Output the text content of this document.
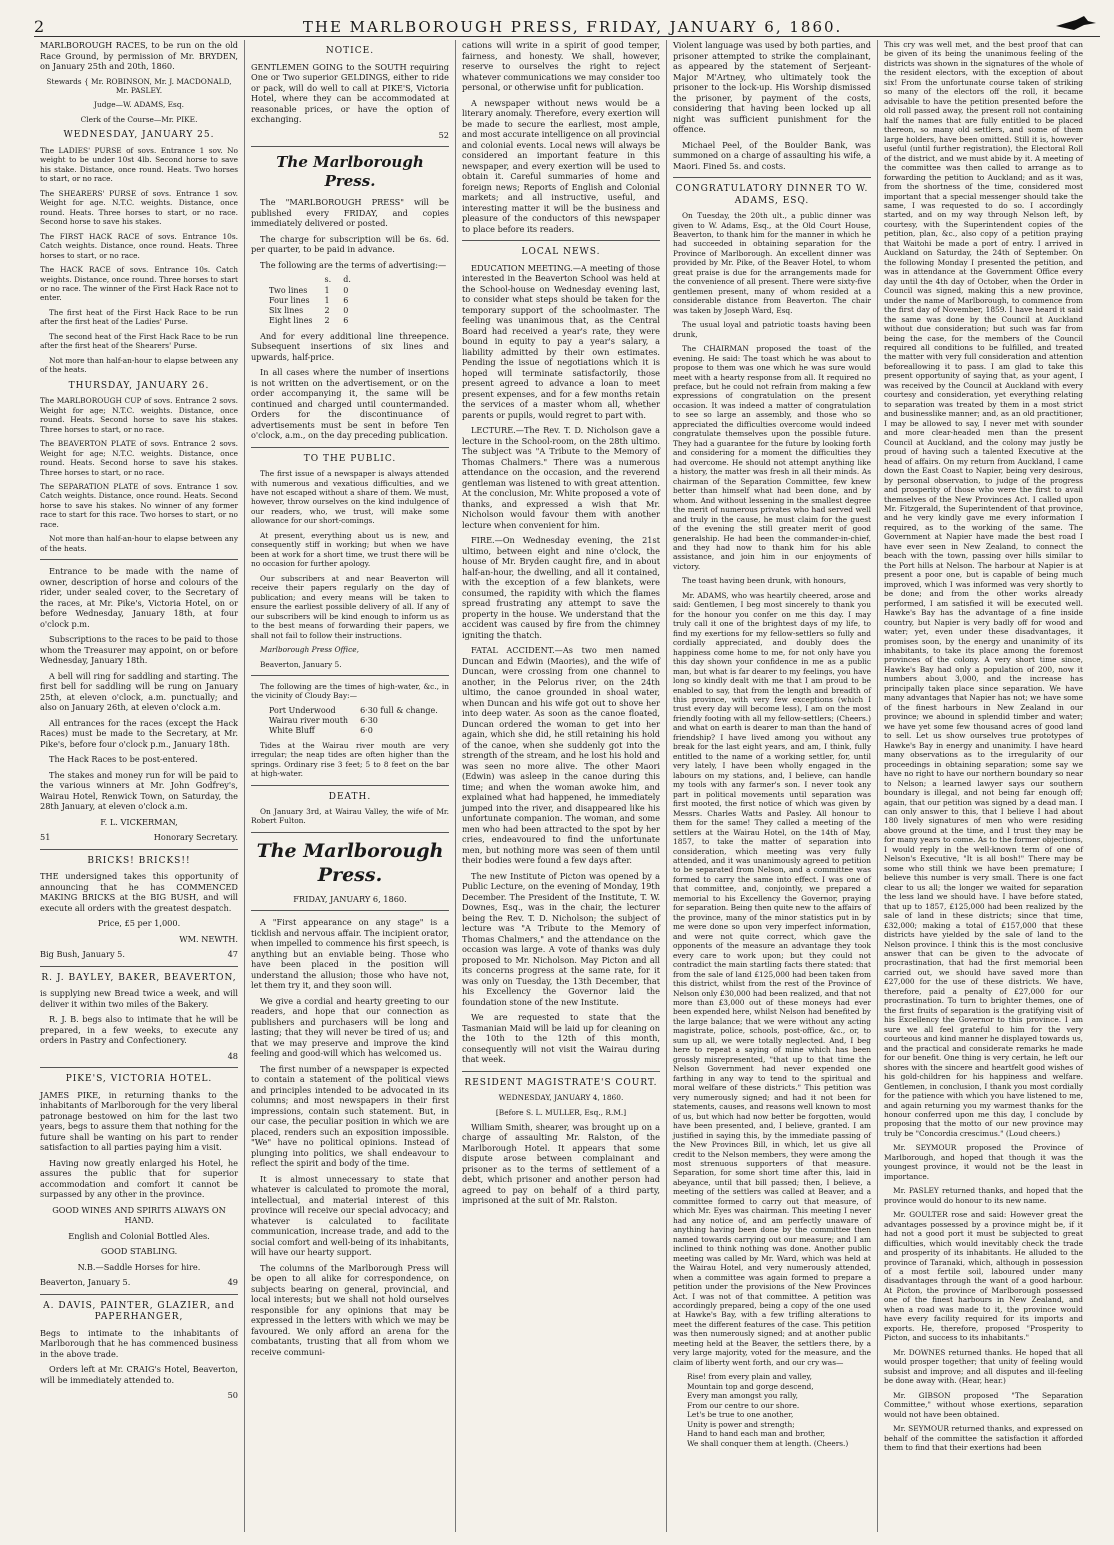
2	THE MARLBOROUGH PRESS, FRIDAY, JANUARY 6, 1860.

MARLBOROUGH RACES, to be run on the old Race Ground, by permission of Mr. BRYDEN, on January 25th and 20th, 1860.

Stewards { Mr. ROBINSON, Mr. J. MACDONALD, Mr. PASLEY.

Judge—W. ADAMS, Esq.

Clerk of the Course—Mr. PIKE.

WEDNESDAY, JANUARY 25.

The LADIES' PURSE of sovs. Entrance 1 sov. No weight to be under 10st 4lb. Second horse to save his stake. Distance, once round. Heats. Two horses to start, or no race.

The SHEARERS' PURSE of sovs. Entrance 1 sov. Weight for age. N.T.C. weights. Distance, once round. Heats. Three horses to start, or no race. Second horse to save his stakes.

The FIRST HACK RACE of sovs. Entrance 10s. Catch weights. Distance, once round. Heats. Three horses to start, or no race.

The HACK RACE of sovs. Entrance 10s. Catch weights. Distance, once round. Three horses to start or no race. The winner of the First Hack Race not to enter.

The first heat of the First Hack Race to be run after the first heat of the Ladies' Purse.

The second heat of the First Hack Race to be run after the first heat of the Shearers' Purse.

Not more than half-an-hour to elapse between any of the heats.

THURSDAY, JANUARY 26.

The MARLBOROUGH CUP of sovs. Entrance 2 sovs. Weight for age; N.T.C. weights. Distance, once round. Heats. Second horse to save his stakes. Three horses to start, or no race.

The BEAVERTON PLATE of sovs. Entrance 2 sovs. Weight for age; N.T.C. weights. Distance, once round. Heats. Second horse to save his stakes. Three horses to start, or no race.

The SEPARATION PLATE of sovs. Entrance 1 sov. Catch weights. Distance, once round. Heats. Second horse to save his stakes. No winner of any former race to start for this race. Two horses to start, or no race.

Not more than half-an-hour to elapse between any of the heats.

Entrance to be made with the name of owner, description of horse and colours of the rider, under sealed cover, to the Secretary of the races, at Mr. Pike's, Victoria Hotel, on or before Wednesday, January 18th, at four o'clock p.m.

Subscriptions to the races to be paid to those whom the Treasurer may appoint, on or before Wednesday, January 18th.

A bell will ring for saddling and starting. The first bell for saddling will be rung on January 25th, at eleven o'clock, a.m. punctually; and also on January 26th, at eleven o'clock a.m.

All entrances for the races (except the Hack Races) must be made to the Secretary, at Mr. Pike's, before four o'clock p.m., January 18th.

The Hack Races to be post-entered.

The stakes and money run for will be paid to the various winners at Mr. John Godfrey's, Wairau Hotel, Renwick Town, on Saturday, the 28th January, at eleven o'clock a.m.

F. L. VICKERMAN,

51	Honorary Secretary.
BRICKS! BRICKS!!

THE undersigned takes this opportunity of announcing that he has COMMENCED MAKING BRICKS at the BIG BUSH, and will execute all orders with the greatest despatch.

Price, £5 per 1,000.

WM. NEWTH.

Big Bush, January 5.	47
R. J. BAYLEY, BAKER, BEAVERTON,

is supplying new Bread twice a week, and will deliver it within two miles of the Bakery.

R. J. B. begs also to intimate that he will be prepared, in a few weeks, to execute any orders in Pastry and Confectionery.

48

PIKE'S, VICTORIA HOTEL.

JAMES PIKE, in returning thanks to the inhabitants of Marlborough for the very liberal patronage bestowed on him for the last two years, begs to assure them that nothing for the future shall be wanting on his part to render satisfaction to all parties paying him a visit.

Having now greatly enlarged his Hotel, he assures the public that for superior accommodation and comfort it cannot be surpassed by any other in the province.

GOOD WINES AND SPIRITS ALWAYS ON HAND.

English and Colonial Bottled Ales.

GOOD STABLING.

N.B.—Saddle Horses for hire.

Beaverton, January 5.	49
A. DAVIS, PAINTER, GLAZIER, and PAPERHANGER,

Begs to intimate to the inhabitants of Marlborough that he has commenced business in the above trade.

Orders left at Mr. CRAIG's Hotel, Beaverton, will be immediately attended to.

50

NOTICE.

GENTLEMEN GOING to the SOUTH requiring One or Two superior GELDINGS, either to ride or pack, will do well to call at PIKE'S, Victoria Hotel, where they can be accommodated at reasonable prices, or have the option of exchanging.

52

The Marlborough Press.

The "MARLBOROUGH PRESS" will be published every FRIDAY, and copies immediately delivered or posted.

The charge for subscription will be 6s. 6d. per quarter, to be paid in advance.

The following are the terms of advertising:—

	s.	d.
Two lines	1	0
Four lines	1	6
Six lines	2	0
Eight lines	2	6

And for every additional line threepence. Subsequent insertions of six lines and upwards, half-price.

In all cases where the number of insertions is not written on the advertisement, or on the order accompanying it, the same will be continued and charged until countermanded. Orders for the discontinuance of advertisements must be sent in before Ten o'clock, a.m., on the day preceding publication.

TO THE PUBLIC.

The first issue of a newspaper is always attended with numerous and vexatious difficulties, and we have not escaped without a share of them. We must, however, throw ourselves on the kind indulgence of our readers, who, we trust, will make some allowance for our short-comings.

At present, everything about us is new, and consequently stiff in working; but when we have been at work for a short time, we trust there will be no occasion for further apology.

Our subscribers at and near Beaverton will receive their papers regularly on the day of publication; and every means will be taken to ensure the earliest possible delivery of all. If any of our subscribers will be kind enough to inform us as to the best means of forwarding their papers, we shall not fail to follow their instructions.

Marlborough Press Office,

Beaverton, January 5.

The following are the times of high-water, &c., in the vicinity of Cloudy Bay:—

Port Underwood	6·30 full & change.
Wairau river mouth	6·30
White Bluff	6·0

Tides at the Wairau river mouth are very irregular; the neap tides are often higher than the springs. Ordinary rise 3 feet; 5 to 8 feet on the bar at high-water.

DEATH.

On January 3rd, at Wairau Valley, the wife of Mr. Robert Fulton.

The Marlborough Press.

FRIDAY, JANUARY 6, 1860.

A "First appearance on any stage" is a ticklish and nervous affair. The incipient orator, when impelled to commence his first speech, is anything but an enviable being. Those who have been placed in the position will understand the allusion; those who have not, let them try it, and they soon will.

We give a cordial and hearty greeting to our readers, and hope that our connection as publishers and purchasers will be long and lasting; that they will never be tired of us; and that we may preserve and improve the kind feeling and good-will which has welcomed us.

The first number of a newspaper is expected to contain a statement of the political views and principles intended to be advocated in its columns; and most newspapers in their first impressions, contain such statement. But, in our case, the peculiar position in which we are placed, renders such an exposition impossible. "We" have no political opinions. Instead of plunging into politics, we shall endeavour to reflect the spirit and body of the time.

It is almost unnecessary to state that whatever is calculated to promote the moral, intellectual, and material interest of this province will receive our special advocacy; and whatever is calculated to facilitate communication, increase trade, and add to the social comfort and well-being of its inhabitants, will have our hearty support.

The columns of the Marlborough Press will be open to all alike for correspondence, on subjects bearing on general, provincial, and local interests; but we shall not hold ourselves responsible for any opinions that may be expressed in the letters with which we may be favoured. We only afford an arena for the combatants, trusting that all from whom we receive communi-

cations will write in a spirit of good temper, fairness, and honesty. We shall, however, reserve to ourselves the right to reject whatever communications we may consider too personal, or otherwise unfit for publication.

A newspaper without news would be a literary anomaly. Therefore, every exertion will be made to secure the earliest, most ample, and most accurate intelligence on all provincial and colonial events. Local news will always be considered an important feature in this newspaper, and every exertion will be used to obtain it. Careful summaries of home and foreign news; Reports of English and Colonial markets; and all instructive, useful, and interesting matter it will be the business and pleasure of the conductors of this newspaper to place before its readers.

LOCAL NEWS.

EDUCATION MEETING.—A meeting of those interested in the Beaverton School was held at the School-house on Wednesday evening last, to consider what steps should be taken for the temporary support of the schoolmaster. The feeling was unanimous that, as the Central Board had received a year's rate, they were bound in equity to pay a year's salary, a liability admitted by their own estimates. Pending the issue of negotiations which it is hoped will terminate satisfactorily, those present agreed to advance a loan to meet present expenses, and for a few months retain the services of a master whom all, whether parents or pupils, would regret to part with.

LECTURE.—The Rev. T. D. Nicholson gave a lecture in the School-room, on the 28th ultimo. The subject was "A Tribute to the Memory of Thomas Chalmers." There was a numerous attendance on the occasion, and the reverend gentleman was listened to with great attention. At the conclusion, Mr. White proposed a vote of thanks, and expressed a wish that Mr. Nicholson would favour them with another lecture when convenient for him.

FIRE.—On Wednesday evening, the 21st ultimo, between eight and nine o'clock, the house of Mr. Bryden caught fire, and in about half-an-hour, the dwelling, and all it contained, with the exception of a few blankets, were consumed, the rapidity with which the flames spread frustrating any attempt to save the property in the house. We understand that the accident was caused by fire from the chimney igniting the thatch.

FATAL ACCIDENT.—As two men named Duncan and Edwin (Maories), and the wife of Duncan, were crossing from one channel to another, in the Pelorus river, on the 24th ultimo, the canoe grounded in shoal water, when Duncan and his wife got out to shove her into deep water. As soon as the canoe floated, Duncan ordered the woman to get into her again, which she did, he still retaining his hold of the canoe, when she suddenly got into the strength of the stream, and he lost his hold and was seen no more alive. The other Maori (Edwin) was asleep in the canoe during this time; and when the woman awoke him, and explained what had happened, he immediately jumped into the river, and disappeared like his unfortunate companion. The woman, and some men who had been attracted to the spot by her cries, endeavoured to find the unfortunate men, but nothing more was seen of them until their bodies were found a few days after.

The new Institute of Picton was opened by a Public Lecture, on the evening of Monday, 19th December. The President of the Institute, T. W. Downes, Esq., was in the chair, the lecturer being the Rev. T. D. Nicholson; the subject of lecture was "A Tribute to the Memory of Thomas Chalmers," and the attendance on the occasion was large. A vote of thanks was duly proposed to Mr. Nicholson. May Picton and all its concerns progress at the same rate, for it was only on Tuesday, the 13th December, that his Excellency the Governor laid the foundation stone of the new Institute.

We are requested to state that the Tasmanian Maid will be laid up for cleaning on the 10th to the 12th of this month, consequently will not visit the Wairau during that week.

RESIDENT MAGISTRATE'S COURT.

WEDNESDAY, JANUARY 4, 1860.

[Before S. L. MULLER, Esq., R.M.]

William Smith, shearer, was brought up on a charge of assaulting Mr. Ralston, of the Marlborough Hotel. It appears that some dispute arose between complainant and prisoner as to the terms of settlement of a debt, which prisoner and another person had agreed to pay on behalf of a third party, imprisoned at the suit of Mr. Ralston.

Violent language was used by both parties, and prisoner attempted to strike the complainant, as appeared by the statement of Serjeant-Major M'Artney, who ultimately took the prisoner to the lock-up. His Worship dismissed the prisoner, by payment of the costs, considering that having been locked up all night was sufficient punishment for the offence.

Michael Peel, of the Boulder Bank, was summoned on a charge of assaulting his wife, a Maori. Fined 5s. and costs.

CONGRATULATORY DINNER TO W. ADAMS, ESQ.

On Tuesday, the 20th ult., a public dinner was given to W. Adams, Esq., at the Old Court House, Beaverton, to thank him for the manner in which he had succeeded in obtaining separation for the Province of Marlborough. An excellent dinner was provided by Mr. Pike, of the Beaver Hotel, to whom great praise is due for the arrangements made for the convenience of all present. There were sixty-five gentlemen present, many of whom resided at a considerable distance from Beaverton. The chair was taken by Joseph Ward, Esq.

The usual loyal and patriotic toasts having been drunk,

The CHAIRMAN proposed the toast of the evening. He said: The toast which he was about to propose to them was one which he was sure would meet with a hearty response from all. It required no preface, but he could not refrain from making a few expressions of congratulation on the present occasion. It was indeed a matter of congratulation to see so large an assembly, and those who so appreciated the difficulties overcome would indeed congratulate themselves upon the possible future. They had a guarantee for the future by looking forth and considering for a moment the difficulties they had overcome. He should not attempt anything like a history, the matter was fresh in all their minds. As chairman of the Separation Committee, few knew better than himself what had been done, and by whom. And without lessening in the smallest degree the merit of numerous privates who had served well and truly in the cause, he must claim for the guest of the evening the still greater merit of good generalship. He had been the commander-in-chief, and they had now to thank him for his able assistance, and join him in our enjoyments of victory.

The toast having been drunk, with honours,

Mr. ADAMS, who was heartily cheered, arose and said: Gentlemen, I beg most sincerely to thank you for the honour you confer on me this day. I may truly call it one of the brightest days of my life, to find my exertions for my fellow-settlers so fully and cordially appreciated, and doubly does the happiness come home to me, for not only have you this day shown your confidence in me as a public man, but what is far dearer to my feelings, you have long so kindly dealt with me that I am proud to be enabled to say, that from the length and breadth of this province, with very few exceptions (which I trust every day will become less), I am on the most friendly footing with all my fellow-settlers; (Cheers.) and what on earth is dearer to man than the hand of friendship? I have lived among you without any break for the last eight years, and am, I think, fully entitled to the name of a working settler, for, until very lately, I have been wholly engaged in the labours on my stations, and, I believe, can handle my tools with any farmer's son. I never took any part in political movements until separation was first mooted, the first notice of which was given by Messrs. Charles Watts and Pasley. All honour to them for the same! They called a meeting of the settlers at the Wairau Hotel, on the 14th of May, 1857, to take the matter of separation into consideration, which meeting was very fully attended, and it was unanimously agreed to petition to be separated from Nelson, and a committee was formed to carry the same into effect. I was one of that committee, and, conjointly, we prepared a memorial to his Excellency the Governor, praying for separation. Being then quite new to the affairs of the province, many of the minor statistics put in by me were done so upon very imperfect information, and were not quite correct, which gave the opponents of the measure an advantage they took every care to work upon; but they could not contradict the main startling facts there stated: that from the sale of land £125,000 had been taken from this district, whilst from the rest of the Province of Nelson only £30,000 had been realized, and that not more than £3,000 out of these moneys had ever been expended here, whilst Nelson had benefited by the large balance; that we were without any acting magistrate, police, schools, post-office, &c., or, to sum up all, we were totally neglected. And, I beg here to repeat a saying of mine which has been grossly misrepresented, "that up to that time the Nelson Government had never expended one farthing in any way to tend to the spiritual and moral welfare of these districts." This petition was very numerously signed; and had it not been for statements, causes, and reasons well known to most of us, but which had now better be forgotten, would have been presented, and, I believe, granted. I am justified in saying this, by the immediate passing of the New Provinces Bill, in which, let us give all credit to the Nelson members, they were among the most strenuous supporters of that measure. Separation, for some short time after this, laid in abeyance, until that bill passed; then, I believe, a meeting of the settlers was called at Beaver, and a committee formed to carry out that measure, of which Mr. Eyes was chairman. This meeting I never had any notice of, and am perfectly unaware of anything having been done by the committee then named towards carrying out our measure; and I am inclined to think nothing was done. Another public meeting was called by Mr. Ward, which was held at the Wairau Hotel, and very numerously attended, when a committee was again formed to prepare a petition under the provisions of the New Provinces Act. I was not of that committee. A petition was accordingly prepared, being a copy of the one used at Hawke's Bay, with a few trifling alterations to meet the different features of the case. This petition was then numerously signed; and at another public meeting held at the Beaver, the settlers there, by a very large majority, voted for the measure, and the claim of liberty went forth, and our cry was—

Rise! from every plain and valley,
Mountain top and gorge descend,
Every man amongst you rally,
From our centre to our shore.
Let's be true to one another,
Unity is power and strength;
Hand to hand each man and brother,
We shall conquer them at length. (Cheers.)

This cry was well met, and the best proof that can be given of its being the unanimous feeling of the districts was shown in the signatures of the whole of the resident electors, with the exception of about six! From the unfortunate course taken of striking so many of the electors off the roll, it became advisable to have the petition presented before the old roll passed away, the present roll not containing half the names that are fully entitled to be placed thereon, so many old settlers, and some of them large holders, have been omitted. Still it is, however useful (until further registration), the Electoral Roll of the district, and we must abide by it. A meeting of the committee was then called to arrange as to forwarding the petition to Auckland; and as it was, from the shortness of the time, considered most important that a special messenger should take the same, I was requested to do so. I accordingly started, and on my way through Nelson left, by courtesy, with the Superintendent copies of the petition, plan, &c., also copy of a petition praying that Waitohi be made a port of entry. I arrived in Auckland on Saturday, the 24th of September. On the following Monday I presented the petition, and was in attendance at the Government Office every day until the 4th day of October, when the Order in Council was signed, making this a new province, under the name of Marlborough, to commence from the first day of November, 1859. I have heard it said the same was done by the Council at Auckland without due consideration; but such was far from being the case, for the members of the Council required all conditions to be fulfilled, and treated the matter with very full consideration and attention beforeallowing it to pass. I am glad to take this present opportunity of saying that, as your agent, I was received by the Council at Auckland with every courtesy and consideration, yet everything relating to separation was treated by them in a most strict and businesslike manner; and, as an old practitioner, I may be allowed to say, I never met with sounder and more clear-headed men than the present Council at Auckland, and the colony may justly be proud of having such a talented Executive at the head of affairs. On my return from Auckland, I came down the East Coast to Napier, being very desirous, by personal observation, to judge of the progress and prosperity of those who were the first to avail themselves of the New Provinces Act. I called upon Mr. Fitzgerald, the Superintendent of that province, and he very kindly gave me every information I required, as to the working of the same. The Government at Napier have made the best road I have ever seen in New Zealand, to connect the beach with the town, passing over hills similar to the Port hills at Nelson. The harbour at Napier is at present a poor one, but is capable of being much improved, which I was informed was very shortly to be done; and from the other works already performed, I am satisfied it will be executed well. Hawke's Bay has the advantage of a fine inside country, but Napier is very badly off for wood and water; yet, even under these disadvantages, it promises soon, by the energy and unanimity of its inhabitants, to take its place among the foremost provinces of the colony. A very short time since, Hawke's Bay had only a population of 200, now it numbers about 3,000, and the increase has principally taken place since separation. We have many advantages that Napier has not; we have some of the finest harbours in New Zealand in our province; we abound in splendid timber and water; we have yet some few thousand acres of good land to sell. Let us show ourselves true prototypes of Hawke's Bay in energy and unanimity. I have heard many observations as to the irregularity of our proceedings in obtaining separation; some say we have no right to have our northern boundary so near to Nelson; a learned lawyer says our southern boundary is illegal, and not being far enough off; again, that our petition was signed by a dead man. I can only answer to this, that I believe I had about 180 lively signatures of men who were residing above ground at the time, and I trust they may be for many years to come. As to the former objections, I would reply in the well-known term of one of Nelson's Executive, "It is all bosh!" There may be some who still think we have been premature; I believe this number is very small. There is one fact clear to us all; the longer we waited for separation the less land we should have. I have before stated, that up to 1857, £125,000 had been realized by the sale of land in these districts; since that time, £32,000; making a total of £157,000 that these districts have yielded by the sale of land to the Nelson province. I think this is the most conclusive answer that can be given to the advocate of procrastination, that had the first memorial been carried out, we should have saved more than £27,000 for the use of these districts. We have, therefore, paid a penalty of £27,000 for our procrastination. To turn to brighter themes, one of the first fruits of separation is the gratifying visit of his Excellency the Governor to this province. I am sure we all feel grateful to him for the very courteous and kind manner he displayed towards us, and the practical and considerate remarks he made for our benefit. One thing is very certain, he left our shores with the sincere and heartfelt good wishes of his gold-children for his happiness and welfare. Gentlemen, in conclusion, I thank you most cordially for the patience with which you have listened to me, and again returning you my warmest thanks for the honour conferred upon me this day, I conclude by proposing that the motto of our new province may truly be "Concordia crescimus." (Loud cheers.)

Mr. SEYMOUR proposed the Province of Marlborough, and hoped that though it was the youngest province, it would not be the least in importance.

Mr. PASLEY returned thanks, and hoped that the province would do honour to its new name.

Mr. GOULTER rose and said: However great the advantages possessed by a province might be, if it had not a good port it must be subjected to great difficulties, which would inevitably check the trade and prosperity of its inhabitants. He alluded to the province of Taranaki, which, although in possession of a most fertile soil, laboured under many disadvantages through the want of a good harbour. At Picton, the province of Marlborough possessed one of the finest harbours in New Zealand, and when a road was made to it, the province would have every facility required for its imports and exports. He, therefore, proposed "Prosperity to Picton, and success to its inhabitants."

Mr. DOWNES returned thanks. He hoped that all would prosper together; that unity of feeling would subsist and improve; and all disputes and ill-feeling be done away with. (Hear, hear.)

Mr. GIBSON proposed "The Separation Committee," without whose exertions, separation would not have been obtained.

Mr. SEYMOUR returned thanks, and expressed on behalf of the committee the satisfaction it afforded them to find that their exertions had been
